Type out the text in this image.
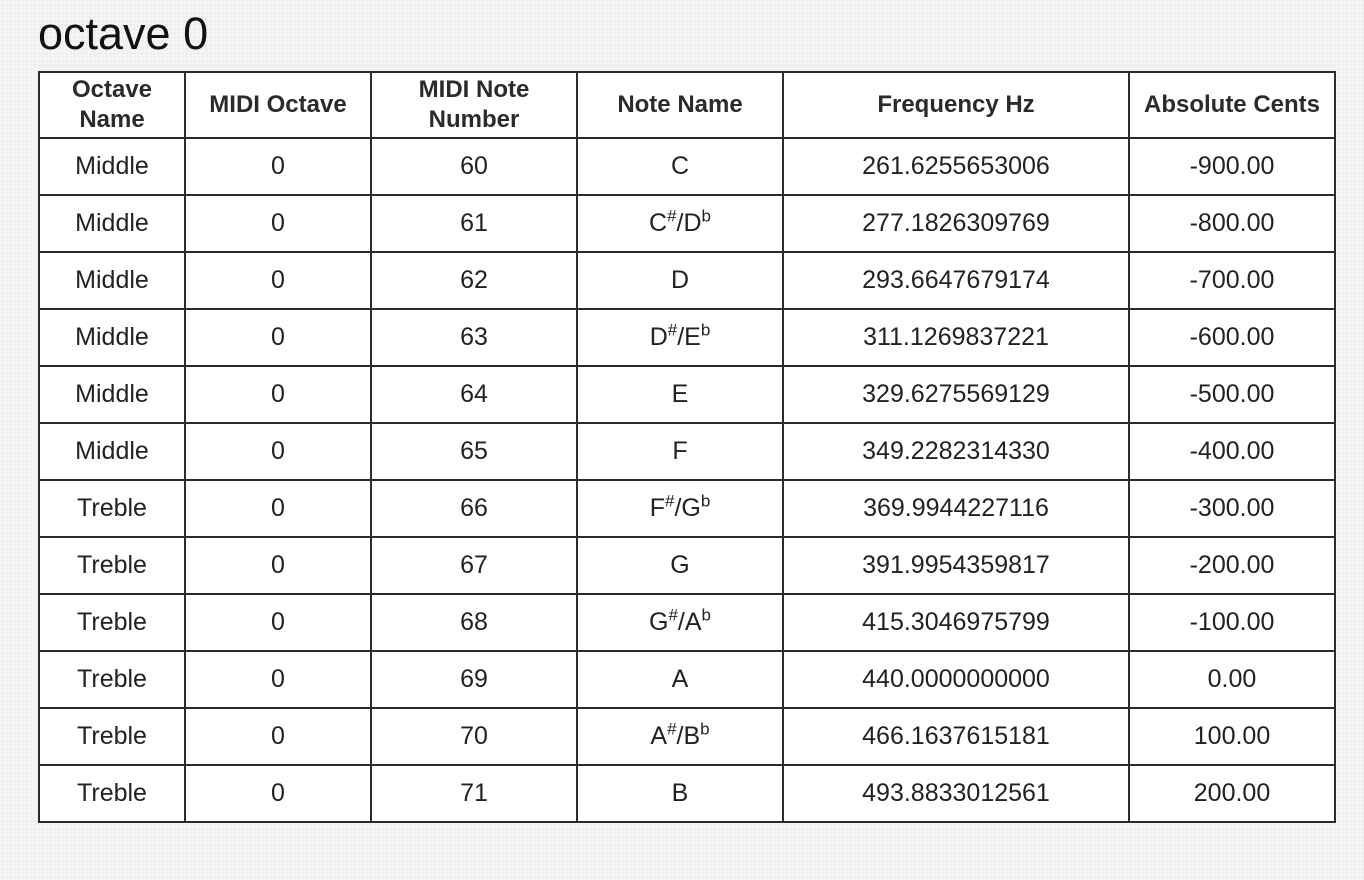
octave 0
Octave Name	MIDI Octave	MIDI Note Number	Note Name	Frequency Hz	Absolute Cents
Middle	0	60	C	261.6255653006	-900.00
Middle	0	61	$C^{\#}/D^b$	277.1826309769	-800.00
Middle	0	62	D	293.6647679174	-700.00
Middle	0	63	$D^{\#}/E^b$	311.1269837221	-600.00
Middle	0	64	E	329.6275569129	-500.00
Middle	0	65	F	349.2282314330	-400.00
Treble	0	66	$F^{\#}/G^b$	369.9944227116	-300.00
Treble	0	67	G	391.9954359817	-200.00
Treble	0	68	$G^{\#}/A^b$	415.3046975799	-100.00
Treble	0	69	A	440.0000000000	0.00
Treble	0	70	$A^{\#}/B^b$	466.1637615181	100.00
Treble	0	71	B	493.8833012561	200.00
